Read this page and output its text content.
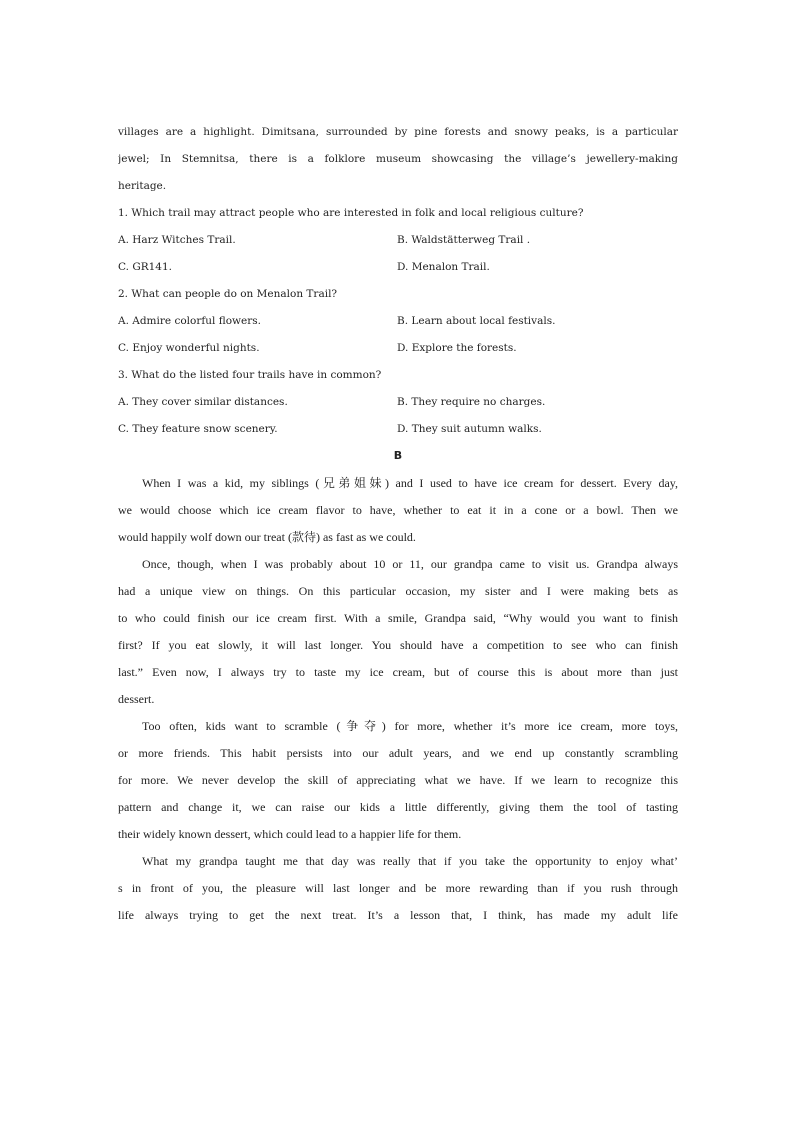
villages are a highlight. Dimitsana, surrounded by pine forests and snowy peaks, is a particular
jewel; In Stemnitsa, there is a folklore museum showcasing the village’s jewellery-making
heritage.
1. Which trail may attract people who are interested in folk and local religious culture?
A. Harz Witches Trail.	B. Waldstätterweg Trail .
C. GR141.	D. Menalon Trail.
2. What can people do on Menalon Trail?
A. Admire colorful flowers.	B. Learn about local festivals.
C. Enjoy wonderful nights.	D. Explore the forests.
3. What do the listed four trails have in common?
A. They cover similar distances.	B. They require no charges.
C. They feature snow scenery.	D. They suit autumn walks.
B
When I was a kid, my siblings (兄弟姐妹) and I used to have ice cream for dessert. Every day,
we would choose which ice cream flavor to have, whether to eat it in a cone or a bowl. Then we
would happily wolf down our treat (款待) as fast as we could.
Once, though, when I was probably about 10 or 11, our grandpa came to visit us. Grandpa always
had a unique view on things. On this particular occasion, my sister and I were making bets as
to who could finish our ice cream first. With a smile, Grandpa said, “Why would you want to finish
first? If you eat slowly, it will last longer. You should have a competition to see who can finish
last.” Even now, I always try to taste my ice cream, but of course this is about more than just
dessert.
Too often, kids want to scramble (争夺) for more, whether it’s more ice cream, more toys,
or more friends. This habit persists into our adult years, and we end up constantly scrambling
for more. We never develop the skill of appreciating what we have. If we learn to recognize this
pattern and change it, we can raise our kids a little differently, giving them the tool of tasting
their widely known dessert, which could lead to a happier life for them.
What my grandpa taught me that day was really that if you take the opportunity to enjoy what’
s in front of you, the pleasure will last longer and be more rewarding than if you rush through
life always trying to get the next treat. It’s a lesson that, I think, has made my adult life
